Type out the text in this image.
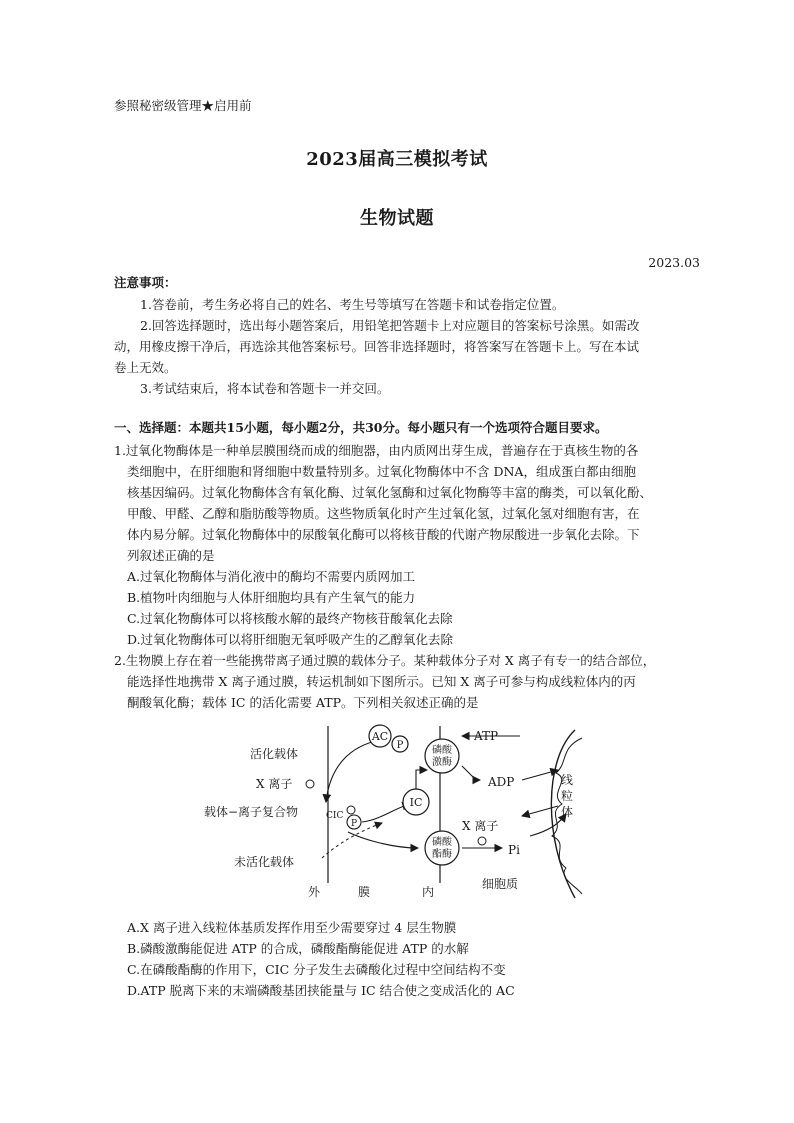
参照秘密级管理★启用前
2023届高三模拟考试
生物试题
2023.03
注意事项：
1.答卷前，考生务必将自己的姓名、考生号等填写在答题卡和试卷指定位置。
2.回答选择题时，选出每小题答案后，用铅笔把答题卡上对应题目的答案标号涂黑。如需改
动，用橡皮擦干净后，再选涂其他答案标号。回答非选择题时，将答案写在答题卡上。写在本试
卷上无效。
3.考试结束后，将本试卷和答题卡一并交回。
一、选择题：本题共15小题，每小题2分，共30分。每小题只有一个选项符合题目要求。
1.过氧化物酶体是一种单层膜围绕而成的细胞器，由内质网出芽生成，普遍存在于真核生物的各
类细胞中，在肝细胞和肾细胞中数量特别多。过氧化物酶体中不含 DNA，组成蛋白都由细胞
核基因编码。过氧化物酶体含有氧化酶、过氧化氢酶和过氧化物酶等丰富的酶类，可以氧化酚、
甲酸、甲醛、乙醇和脂肪酸等物质。这些物质氧化时产生过氧化氢，过氧化氢对细胞有害，在
体内易分解。过氧化物酶体中的尿酸氧化酶可以将核苷酸的代谢产物尿酸进一步氧化去除。下
列叙述正确的是
A.过氧化物酶体与消化液中的酶均不需要内质网加工
B.植物叶肉细胞与人体肝细胞均具有产生氧气的能力
C.过氧化物酶体可以将核酸水解的最终产物核苷酸氧化去除
D.过氧化物酶体可以将肝细胞无氧呼吸产生的乙醇氧化去除
2.生物膜上存在着一些能携带离子通过膜的载体分子。某种载体分子对 X 离子有专一的结合部位，
能选择性地携带 X 离子通过膜，转运机制如下图所示。已知 X 离子可参与构成线粒体内的丙
酮酸氧化酶；载体 IC 的活化需要 ATP。下列相关叙述正确的是
AC
P	磷酸
激酶
IC
CIC
P
磷酸
酯酶
活化载体
X 离子
载体−离子复合物
未活化载体
ATP
ADP
X 离子
Pi
线
粒
体
外	膜	内
细胞质
A.X 离子进入线粒体基质发挥作用至少需要穿过 4 层生物膜
B.磷酸激酶能促进 ATP 的合成，磷酸酯酶能促进 ATP 的水解
C.在磷酸酯酶的作用下，CIC 分子发生去磷酸化过程中空间结构不变
D.ATP 脱离下来的末端磷酸基团挟能量与 IC 结合使之变成活化的 AC
